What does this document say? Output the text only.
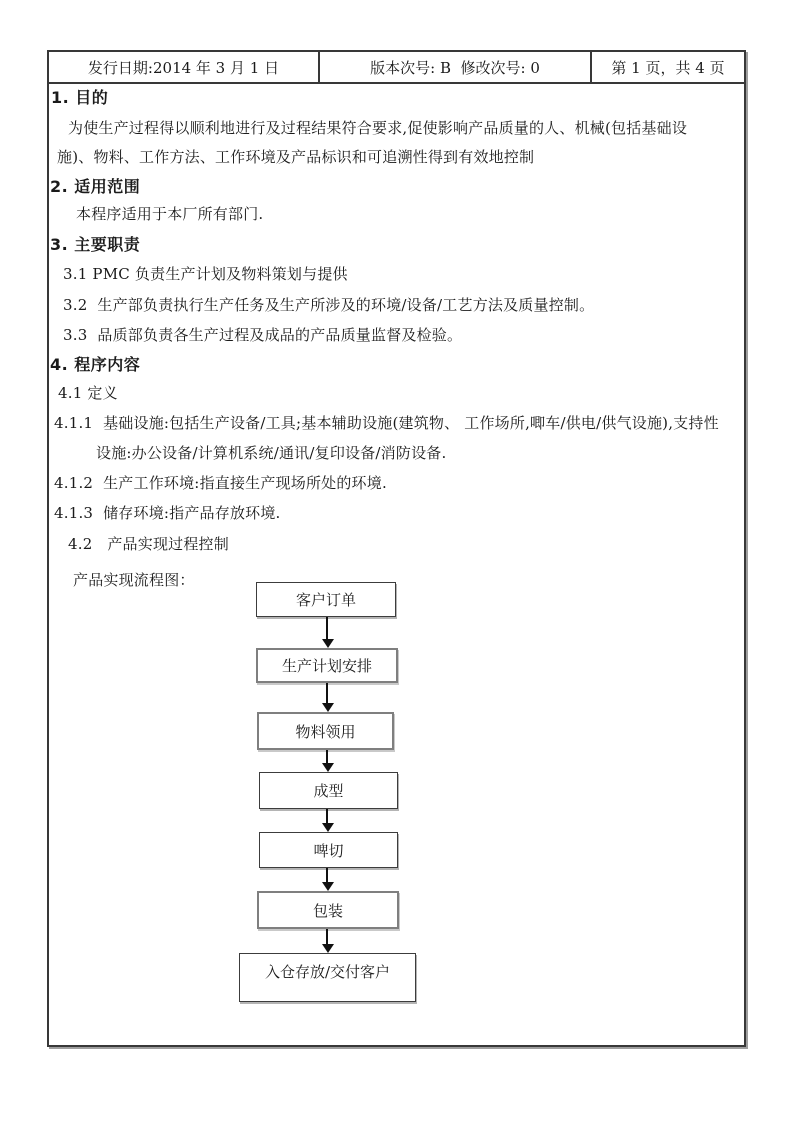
发行日期:2014 年 3 月 1 日	版本次号: B  修改次号: 0	第 1 页，共 4 页
1. 目的
为使生产过程得以顺利地进行及过程结果符合要求,促使影响产品质量的人、机械(包括基础设
施)、物料、工作方法、工作环境及产品标识和可追溯性得到有效地控制
2. 适用范围
本程序适用于本厂所有部门.
3. 主要职责
3.1 PMC 负责生产计划及物料策划与提供
3.2  生产部负责执行生产任务及生产所涉及的环境/设备/工艺方法及质量控制。
3.3  品质部负责各生产过程及成品的产品质量监督及检验。
4. 程序内容
4.1 定义
4.1.1  基础设施:包括生产设备/工具;基本辅助设施(建筑物、 工作场所,唧车/供电/供气设施),支持性
设施:办公设备/计算机系统/通讯/复印设备/消防设备.
4.1.2  生产工作环境:指直接生产现场所处的环境.
4.1.3  储存环境:指产品存放环境.
4.2   产品实现过程控制
产品实现流程图：
客户订单
生产计划安排
物料领用
成型
啤切
包装
入仓存放/交付客户
